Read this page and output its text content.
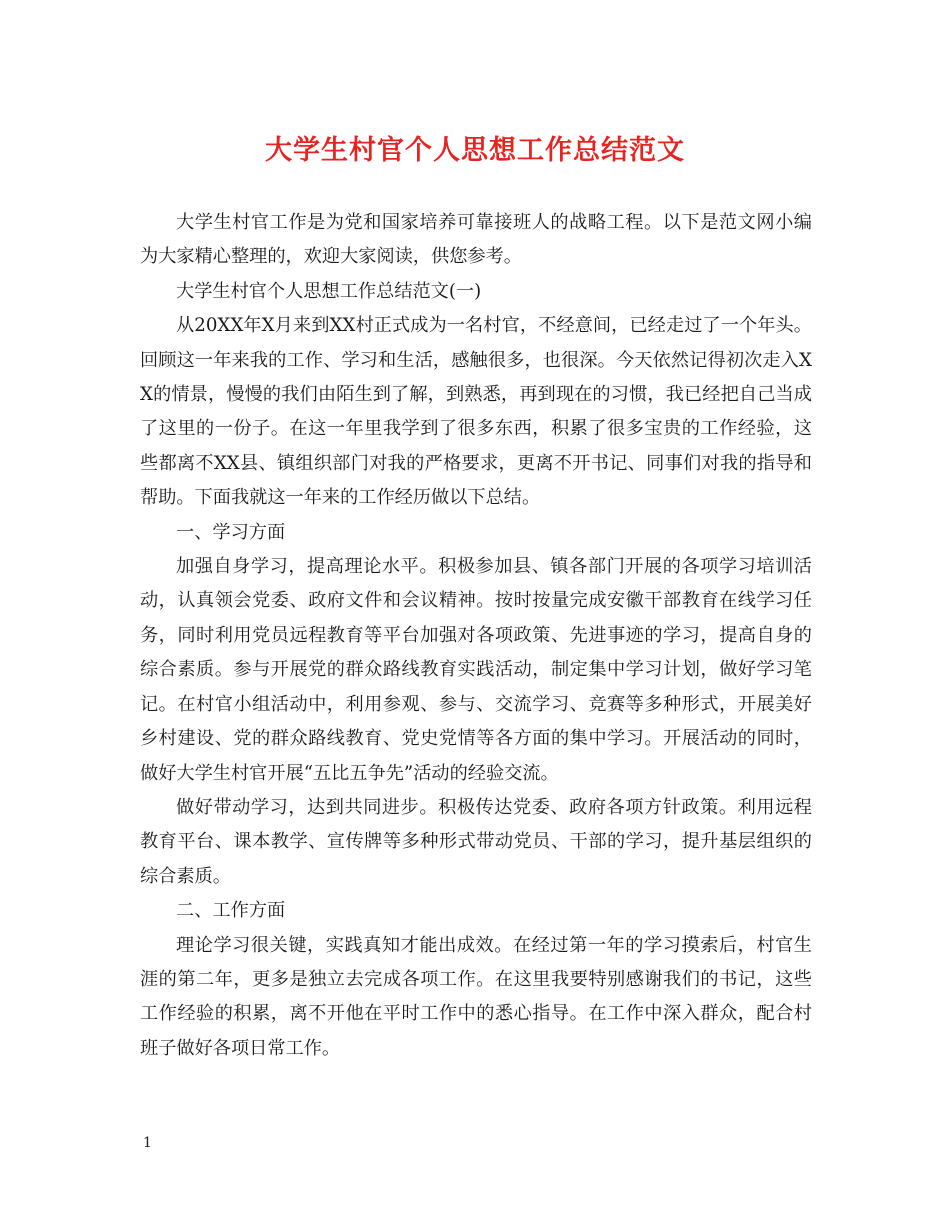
大学生村官个人思想工作总结范文

大学生村官工作是为党和国家培养可靠接班人的战略工程。以下是范文网小编为大家精心整理的，欢迎大家阅读，供您参考。

大学生村官个人思想工作总结范文(一)

从20XX年X月来到XX村正式成为一名村官，不经意间，已经走过了一个年头。回顾这一年来我的工作、学习和生活，感触很多，也很深。今天依然记得初次走入XX的情景，慢慢的我们由陌生到了解，到熟悉，再到现在的习惯，我已经把自己当成了这里的一份子。在这一年里我学到了很多东西，积累了很多宝贵的工作经验，这些都离不XX县、镇组织部门对我的严格要求，更离不开书记、同事们对我的指导和帮助。下面我就这一年来的工作经历做以下总结。

一、学习方面

加强自身学习，提高理论水平。积极参加县、镇各部门开展的各项学习培训活动，认真领会党委、政府文件和会议精神。按时按量完成安徽干部教育在线学习任务，同时利用党员远程教育等平台加强对各项政策、先进事迹的学习，提高自身的综合素质。参与开展党的群众路线教育实践活动，制定集中学习计划，做好学习笔记。在村官小组活动中，利用参观、参与、交流学习、竞赛等多种形式，开展美好乡村建设、党的群众路线教育、党史党情等各方面的集中学习。开展活动的同时，做好大学生村官开展“五比五争先”活动的经验交流。

做好带动学习，达到共同进步。积极传达党委、政府各项方针政策。利用远程教育平台、课本教学、宣传牌等多种形式带动党员、干部的学习，提升基层组织的综合素质。

二、工作方面

理论学习很关键，实践真知才能出成效。在经过第一年的学习摸索后，村官生涯的第二年，更多是独立去完成各项工作。在这里我要特别感谢我们的书记，这些工作经验的积累，离不开他在平时工作中的悉心指导。在工作中深入群众，配合村班子做好各项日常工作。

1
